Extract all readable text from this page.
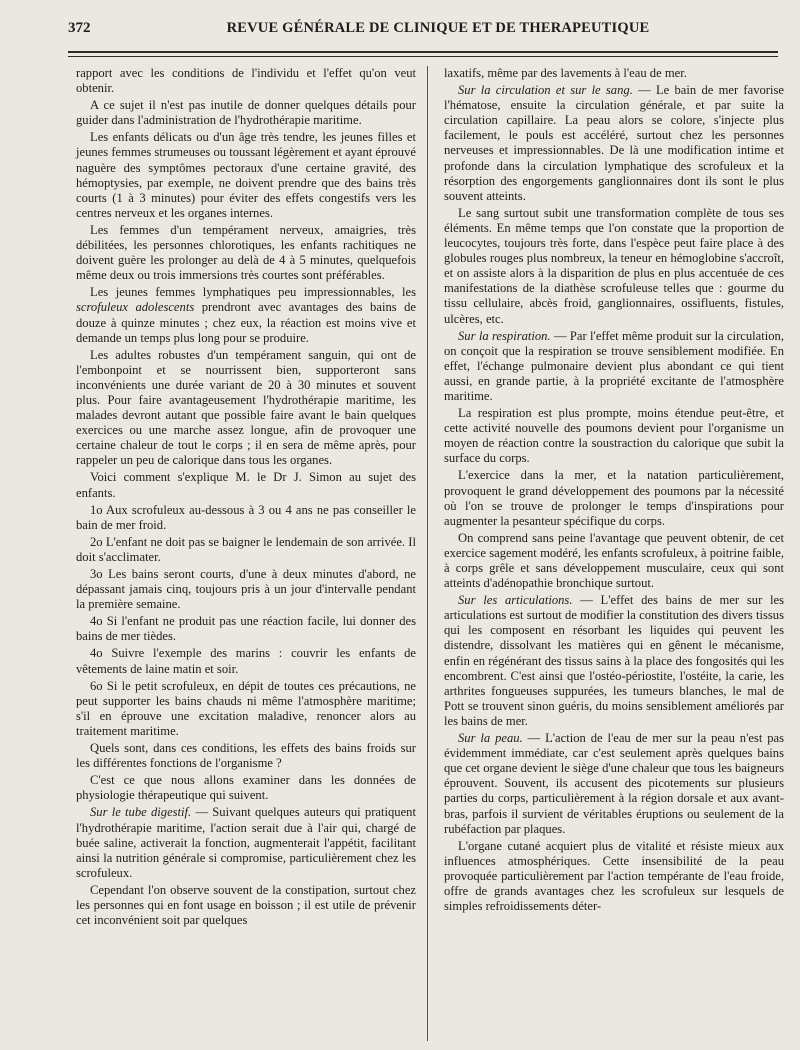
372	REVUE GÉNÉRALE DE CLINIQUE ET DE THERAPEUTIQUE

rapport avec les conditions de l'individu et l'effet qu'on veut obtenir.

A ce sujet il n'est pas inutile de donner quelques détails pour guider dans l'administration de l'hydrothérapie maritime.

Les enfants délicats ou d'un âge très tendre, les jeunes filles et jeunes femmes strumeuses ou toussant légèrement et ayant éprouvé naguère des symptômes pectoraux d'une certaine gravité, des hémoptysies, par exemple, ne doivent prendre que des bains très courts (1 à 3 minutes) pour éviter des effets congestifs vers les centres nerveux et les organes internes.

Les femmes d'un tempérament nerveux, amaigries, très débilitées, les personnes chlorotiques, les enfants rachitiques ne doivent guère les prolonger au delà de 4 à 5 minutes, quelquefois même deux ou trois immersions très courtes sont préférables.

Les jeunes femmes lymphatiques peu impressionnables, les scrofuleux adolescents prendront avec avantages des bains de douze à quinze minutes ; chez eux, la réaction est moins vive et demande un temps plus long pour se produire.

Les adultes robustes d'un tempérament sanguin, qui ont de l'embonpoint et se nourrissent bien, supporteront sans inconvénients une durée variant de 20 à 30 minutes et souvent plus. Pour faire avantageusement l'hydrothérapie maritime, les malades devront autant que possible faire avant le bain quelques exercices ou une marche assez longue, afin de provoquer une certaine chaleur de tout le corps ; il en sera de même après, pour rappeler un peu de calorique dans tous les organes.

Voici comment s'explique M. le Dr J. Simon au sujet des enfants.

1o Aux scrofuleux au-dessous à 3 ou 4 ans ne pas conseiller le bain de mer froid.

2o L'enfant ne doit pas se baigner le lendemain de son arrivée. Il doit s'acclimater.

3o Les bains seront courts, d'une à deux minutes d'abord, ne dépassant jamais cinq, toujours pris à un jour d'intervalle pendant la première semaine.

4o Si l'enfant ne produit pas une réaction facile, lui donner des bains de mer tièdes.

4o Suivre l'exemple des marins : couvrir les enfants de vêtements de laine matin et soir.

6o Si le petit scrofuleux, en dépit de toutes ces précautions, ne peut supporter les bains chauds ni même l'atmosphère maritime; s'il en éprouve une excitation maladive, renoncer alors au traitement maritime.

Quels sont, dans ces conditions, les effets des bains froids sur les différentes fonctions de l'organisme ?

C'est ce que nous allons examiner dans les données de physiologie thérapeutique qui suivent.

Sur le tube digestif. — Suivant quelques auteurs qui pratiquent l'hydrothérapie maritime, l'action serait due à l'air qui, chargé de buée saline, activerait la fonction, augmenterait l'appétit, facilitant ainsi la nutrition générale si compromise, particulièrement chez les scrofuleux.

Cependant l'on observe souvent de la constipation, surtout chez les personnes qui en font usage en boisson ; il est utile de prévenir cet inconvénient soit par quelques

laxatifs, même par des lavements à l'eau de mer.

Sur la circulation et sur le sang. — Le bain de mer favorise l'hématose, ensuite la circulation générale, et par suite la circulation capillaire. La peau alors se colore, s'injecte plus facilement, le pouls est accéléré, surtout chez les personnes nerveuses et impressionnables. De là une modification intime et profonde dans la circulation lymphatique des scrofuleux et la résorption des engorgements ganglionnaires dont ils sont le plus souvent atteints.

Le sang surtout subit une transformation complète de tous ses éléments. En même temps que l'on constate que la proportion de leucocytes, toujours très forte, dans l'espèce peut faire place à des globules rouges plus nombreux, la teneur en hémoglobine s'accroît, et on assiste alors à la disparition de plus en plus accentuée de ces manifestations de la diathèse scrofuleuse telles que : gourme du tissu cellulaire, abcès froid, ganglionnaires, ossifluents, fistules, ulcères, etc.

Sur la respiration. — Par l'effet même produit sur la circulation, on conçoit que la respiration se trouve sensiblement modifiée. En effet, l'échange pulmonaire devient plus abondant ce qui tient aussi, en grande partie, à la propriété excitante de l'atmosphère maritime.

La respiration est plus prompte, moins étendue peut-être, et cette activité nouvelle des poumons devient pour l'organisme un moyen de réaction contre la soustraction du calorique que subit la surface du corps.

L'exercice dans la mer, et la natation particulièrement, provoquent le grand développement des poumons par la nécessité où l'on se trouve de prolonger le temps d'inspirations pour augmenter la pesanteur spécifique du corps.

On comprend sans peine l'avantage que peuvent obtenir, de cet exercice sagement modéré, les enfants scrofuleux, à poitrine faible, à corps grêle et sans développement musculaire, ceux qui sont atteints d'adénopathie bronchique surtout.

Sur les articulations. — L'effet des bains de mer sur les articulations est surtout de modifier la constitution des divers tissus qui les composent en résorbant les liquides qui peuvent les distendre, dissolvant les matières qui en gênent le mécanisme, enfin en régénérant des tissus sains à la place des fongosités qui les encombrent. C'est ainsi que l'ostéo-périostite, l'ostéite, la carie, les arthrites fongueuses suppurées, les tumeurs blanches, le mal de Pott se trouvent sinon guéris, du moins sensiblement améliorés par les bains de mer.

Sur la peau. — L'action de l'eau de mer sur la peau n'est pas évidemment immédiate, car c'est seulement après quelques bains que cet organe devient le siège d'une chaleur que tous les baigneurs éprouvent. Souvent, ils accusent des picotements sur plusieurs parties du corps, particulièrement à la région dorsale et aux avant-bras, parfois il survient de véritables éruptions ou seulement de la rubéfaction par plaques.

L'organe cutané acquiert plus de vitalité et résiste mieux aux influences atmosphériques. Cette insensibilité de la peau provoquée particulièrement par l'action tempérante de l'eau froide, offre de grands avantages chez les scrofuleux sur lesquels de simples refroidissements déter-
